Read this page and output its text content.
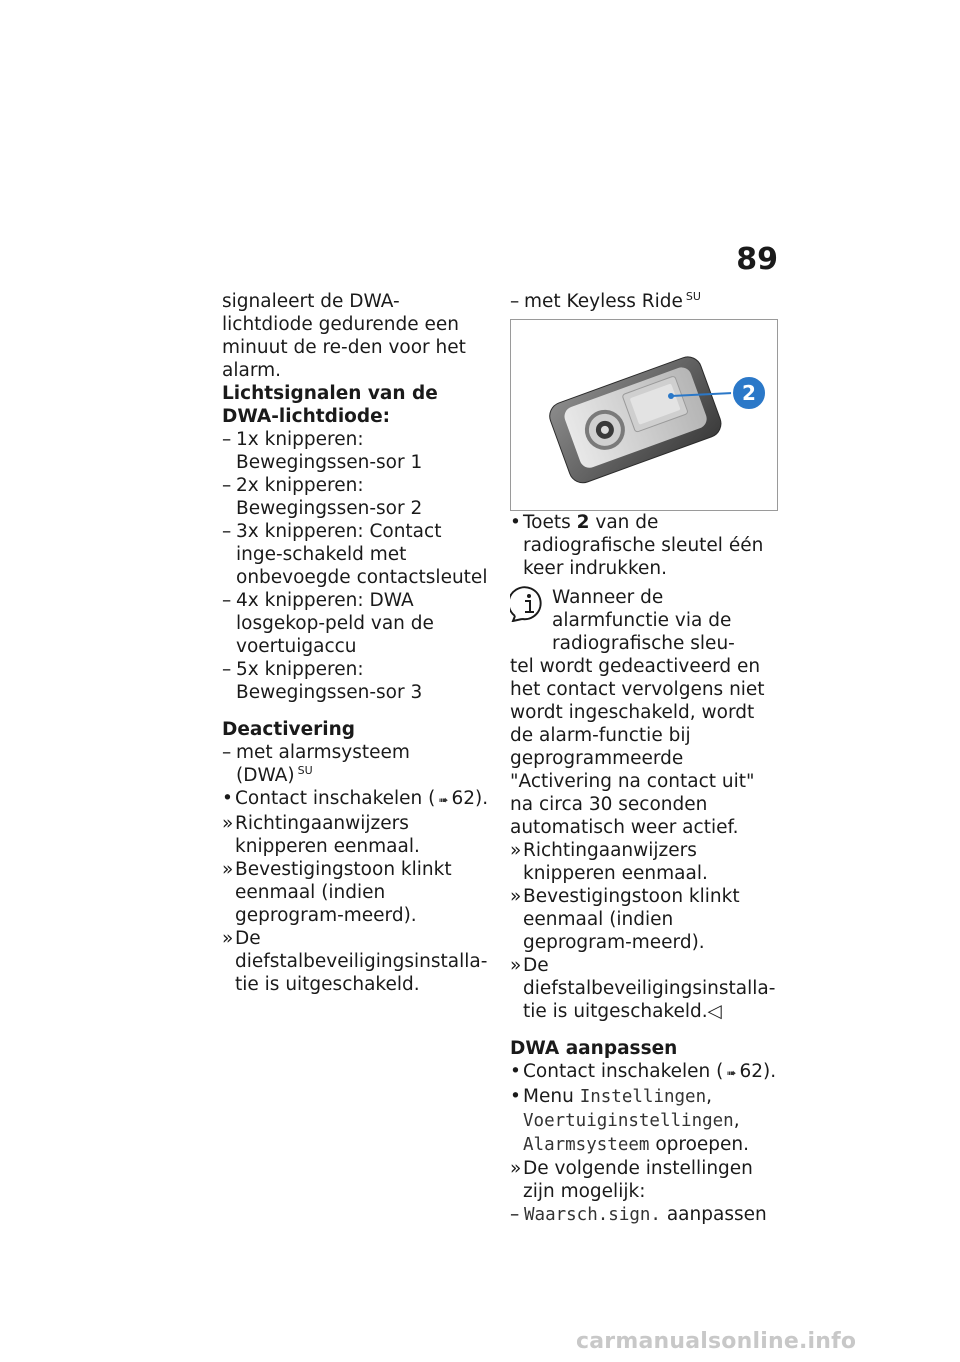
89

signaleert de DWA-lichtdiode gedurende een minuut de re-den voor het alarm.

Lichtsignalen van de DWA-lichtdiode:

– 1x knipperen: Bewegingssen-sor 1

– 2x knipperen: Bewegingssen-sor 2

– 3x knipperen: Contact inge-schakeld met onbevoegde contactsleutel

– 4x knipperen: DWA losgekop-peld van de voertuigaccu

– 5x knipperen: Bewegingssen-sor 3

Deactivering

– met alarmsysteem (DWA) $^{SU}$

• Contact inschakelen ( ➠ 62).

» Richtingaanwijzers knipperen eenmaal.

» Bevestigingstoon klinkt eenmaal (indien geprogram-meerd).

» De diefstalbeveiligingsinstalla-tie is uitgeschakeld.

– met Keyless Ride $^{SU}$

2

• Toets 2 van de radiografische sleutel één keer indrukken.

Wanneer de alarmfunctie via de radiografische sleu-
tel wordt gedeactiveerd en het contact vervolgens niet wordt ingeschakeld, wordt de alarm-functie bij geprogrammeerde "Activering na contact uit" na circa 30 seconden automatisch weer actief.

» Richtingaanwijzers knipperen eenmaal.

» Bevestigingstoon klinkt eenmaal (indien geprogram-meerd).

» De diefstalbeveiligingsinstalla-tie is uitgeschakeld.◁

DWA aanpassen

• Contact inschakelen ( ➠ 62).

• Menu Instellingen, Voertuiginstellingen, Alarmsysteem oproepen.

» De volgende instellingen zijn mogelijk:

– Waarsch.sign. aanpassen

carmanualsonline.info
